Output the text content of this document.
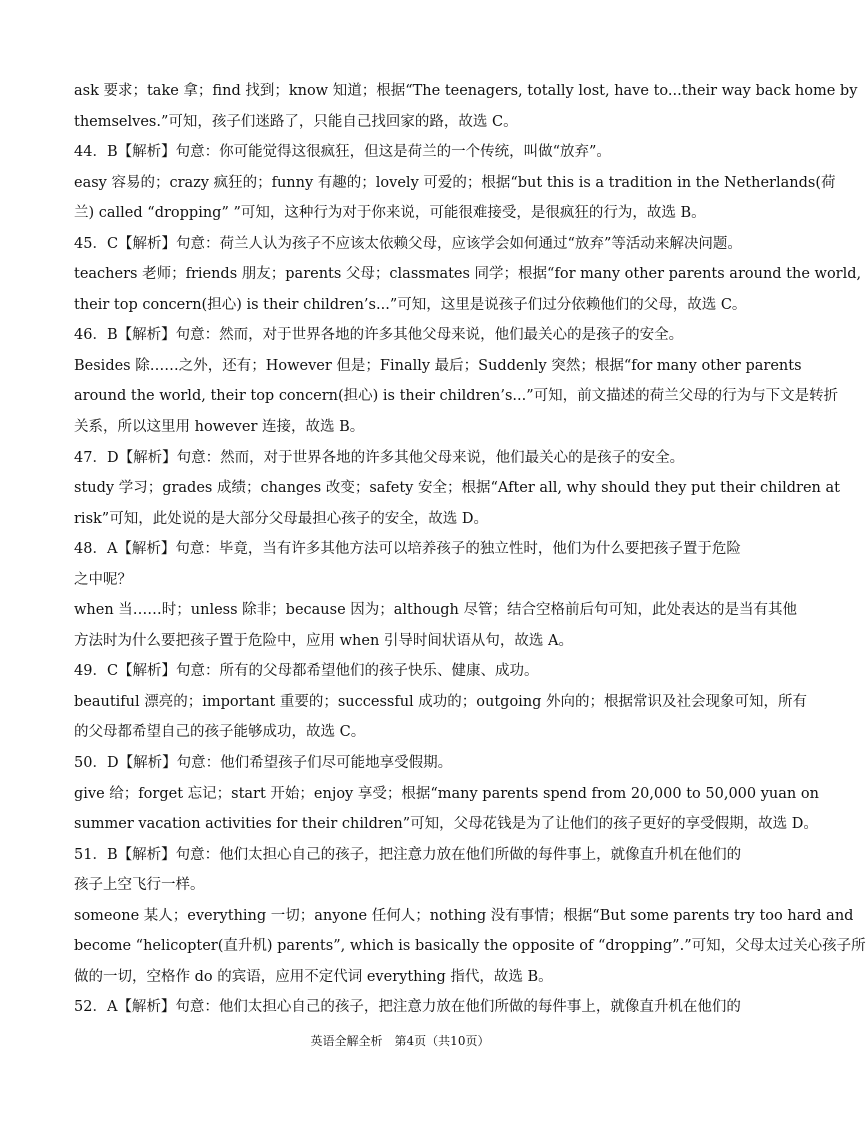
ask 要求；take 拿；find 找到；know 知道；根据“The teenagers, totally lost, have to...their way back home by
themselves.”可知，孩子们迷路了，只能自己找回家的路，故选 C。
44．B【解析】句意：你可能觉得这很疯狂，但这是荷兰的一个传统，叫做“放弃”。
easy 容易的；crazy 疯狂的；funny 有趣的；lovely 可爱的；根据“but this is a tradition in the Netherlands(荷
兰) called “dropping” ”可知，这种行为对于你来说，可能很难接受，是很疯狂的行为，故选 B。
45．C【解析】句意：荷兰人认为孩子不应该太依赖父母，应该学会如何通过“放弃”等活动来解决问题。
teachers 老师；friends 朋友；parents 父母；classmates 同学；根据“for many other parents around the world,
their top concern(担心) is their children’s...”可知，这里是说孩子们过分依赖他们的父母，故选 C。
46．B【解析】句意：然而，对于世界各地的许多其他父母来说，他们最关心的是孩子的安全。
Besides 除……之外，还有；However 但是；Finally 最后；Suddenly 突然；根据“for many other parents
around the world, their top concern(担心) is their children’s...”可知，前文描述的荷兰父母的行为与下文是转折
关系，所以这里用 however 连接，故选 B。
47．D【解析】句意：然而，对于世界各地的许多其他父母来说，他们最关心的是孩子的安全。
study 学习；grades 成绩；changes 改变；safety 安全；根据“After all, why should they put their children at
risk”可知，此处说的是大部分父母最担心孩子的安全，故选 D。
48．A【解析】句意：毕竟，当有许多其他方法可以培养孩子的独立性时，他们为什么要把孩子置于危险
之中呢？
when 当……时；unless 除非；because 因为；although 尽管；结合空格前后句可知，此处表达的是当有其他
方法时为什么要把孩子置于危险中，应用 when 引导时间状语从句，故选 A。
49．C【解析】句意：所有的父母都希望他们的孩子快乐、健康、成功。
beautiful 漂亮的；important 重要的；successful 成功的；outgoing 外向的；根据常识及社会现象可知，所有
的父母都希望自己的孩子能够成功，故选 C。
50．D【解析】句意：他们希望孩子们尽可能地享受假期。
give 给；forget 忘记；start 开始；enjoy 享受；根据“many parents spend from 20,000 to 50,000 yuan on
summer vacation activities for their children”可知，父母花钱是为了让他们的孩子更好的享受假期，故选 D。
51．B【解析】句意：他们太担心自己的孩子，把注意力放在他们所做的每件事上，就像直升机在他们的
孩子上空飞行一样。
someone 某人；everything 一切；anyone 任何人；nothing 没有事情；根据“But some parents try too hard and
become “helicopter(直升机) parents”, which is basically the opposite of “dropping”.”可知，父母太过关心孩子所
做的一切，空格作 do 的宾语，应用不定代词 everything 指代，故选 B。
52．A【解析】句意：他们太担心自己的孩子，把注意力放在他们所做的每件事上，就像直升机在他们的
英语全解全析　第4页（共10页）
